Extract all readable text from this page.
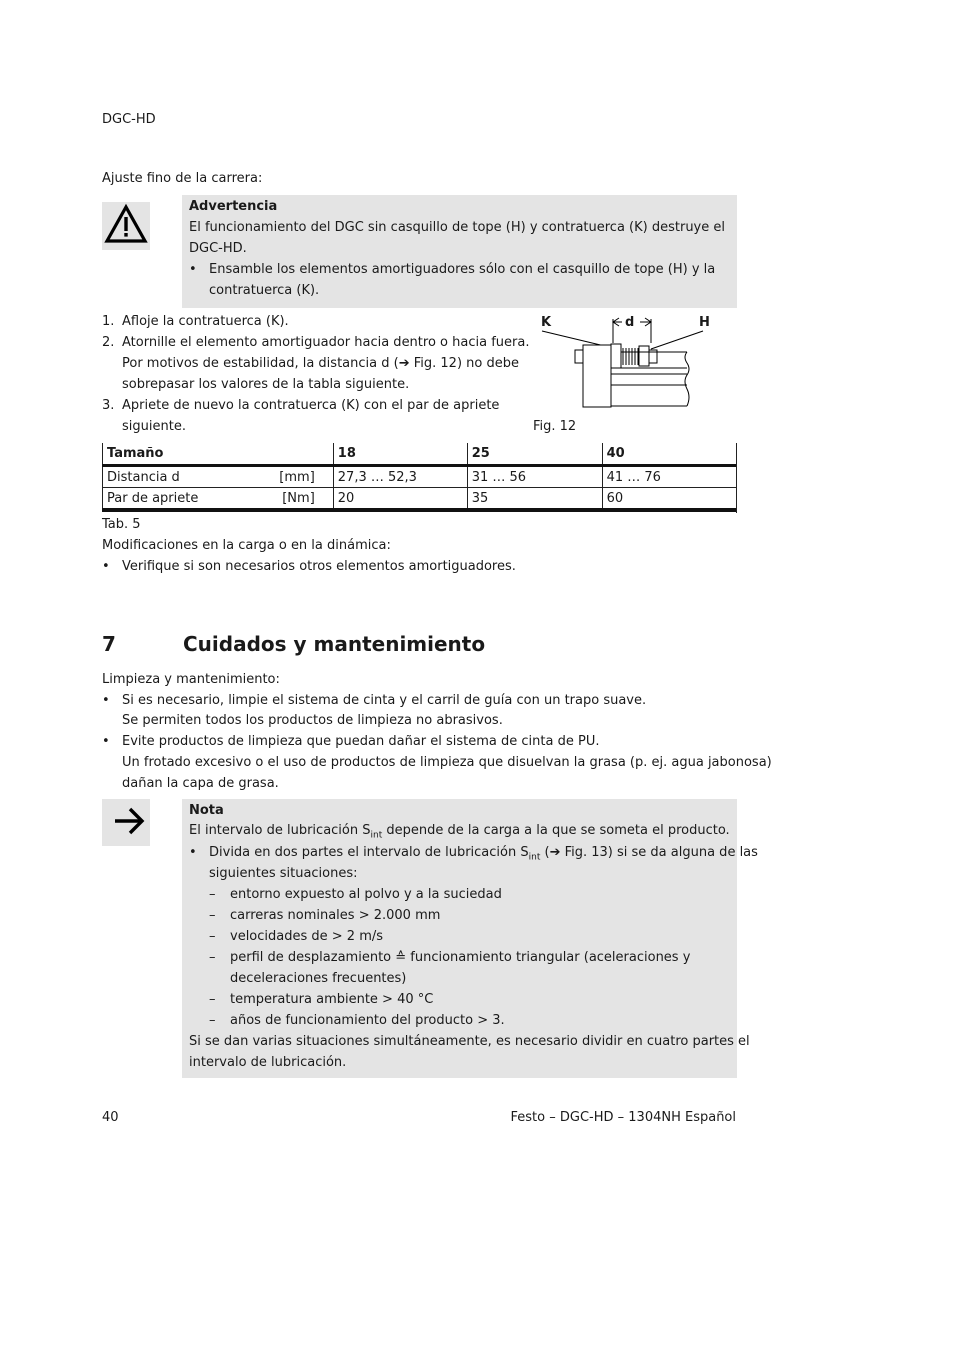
DGC-HD
Ajuste fino de la carrera:
Advertencia
El funcionamiento del DGC sin casquillo de tope (H) y contratuerca (K) destruye el
DGC-HD.
• Ensamble los elementos amortiguadores sólo con el casquillo de tope (H) y la
contratuerca (K).
1. Afloje la contratuerca (K).
2. Atornille el elemento amortiguador hacia dentro o hacia fuera.
Por motivos de estabilidad, la distancia d (➔ Fig. 12) no debe
sobrepasar los valores de la tabla siguiente.
3. Apriete de nuevo la contratuerca (K) con el par de apriete
siguiente.
K	d	H
Fig. 12
Tamaño	18	25	40
Distancia d [mm]	27,3 … 52,3	31 … 56	41 … 76
Par de apriete [Nm]	20	35	60
Tab. 5
Modificaciones en la carga o en la dinámica:
• Verifique si son necesarios otros elementos amortiguadores.
7	Cuidados y mantenimiento
Limpieza y mantenimiento:
• Si es necesario, limpie el sistema de cinta y el carril de guía con un trapo suave.
Se permiten todos los productos de limpieza no abrasivos.
• Evite productos de limpieza que puedan dañar el sistema de cinta de PU.
Un frotado excesivo o el uso de productos de limpieza que disuelvan la grasa (p. ej. agua jabonosa)
dañan la capa de grasa.
Nota
El intervalo de lubricación $S_{int}$ depende de la carga a la que se someta el producto.
• Divida en dos partes el intervalo de lubricación $S_{int}$ (➔ Fig. 13) si se da alguna de las
siguientes situaciones:
– entorno expuesto al polvo y a la suciedad
– carreras nominales > 2.000 mm
– velocidades de > 2 m/s
– perfil de desplazamiento ≙ funcionamiento triangular (aceleraciones y
deceleraciones frecuentes)
– temperatura ambiente > 40 °C
– años de funcionamiento del producto > 3.
Si se dan varias situaciones simultáneamente, es necesario dividir en cuatro partes el
intervalo de lubricación.
40	Festo – DGC-HD – 1304NH Español
